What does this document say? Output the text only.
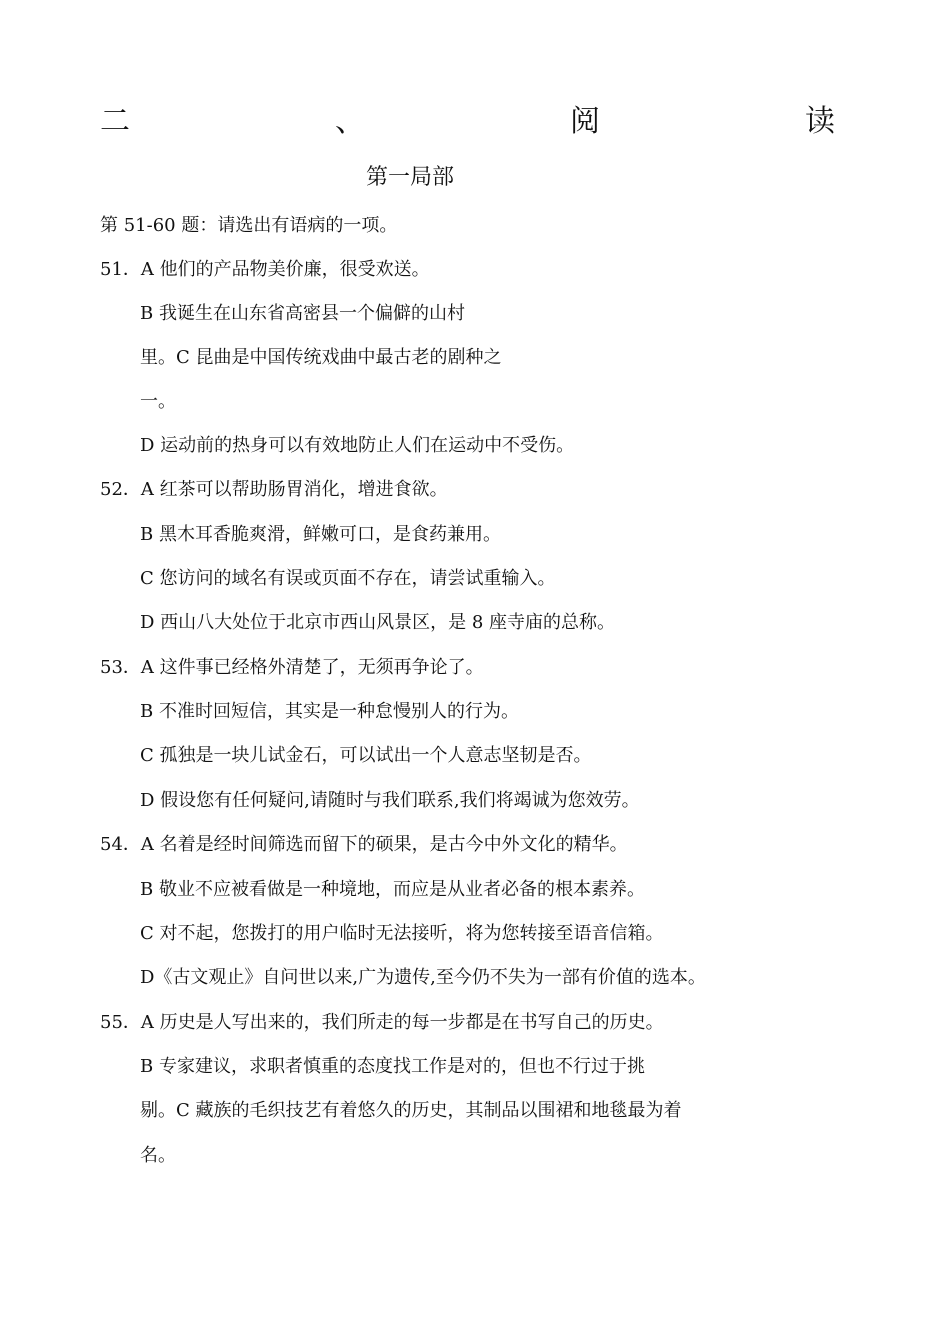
二	、	阅	读
第一局部
第 51-60 题：请选出有语病的一项。
51．A 他们的产品物美价廉，很受欢送。
B 我诞生在山东省高密县一个偏僻的山村
里。C 昆曲是中国传统戏曲中最古老的剧种之
一。
D 运动前的热身可以有效地防止人们在运动中不受伤。
52．A 红茶可以帮助肠胃消化，增进食欲。
B 黑木耳香脆爽滑，鲜嫩可口，是食药兼用。
C 您访问的域名有误或页面不存在，请尝试重输入。
D 西山八大处位于北京市西山风景区，是 8 座寺庙的总称。
53．A 这件事已经格外清楚了，无须再争论了。
B 不准时回短信，其实是一种怠慢别人的行为。
C 孤独是一块儿试金石，可以试出一个人意志坚韧是否。
D 假设您有任何疑问,请随时与我们联系,我们将竭诚为您效劳。
54．A 名着是经时间筛选而留下的硕果，是古今中外文化的精华。
B 敬业不应被看做是一种境地，而应是从业者必备的根本素养。
C 对不起，您拨打的用户临时无法接听，将为您转接至语音信箱。
D《古文观止》自问世以来,广为遗传,至今仍不失为一部有价值的选本。
55．A 历史是人写出来的，我们所走的每一步都是在书写自己的历史。
B 专家建议，求职者慎重的态度找工作是对的，但也不行过于挑
剔。C 藏族的毛织技艺有着悠久的历史，其制品以围裙和地毯最为着
名。
